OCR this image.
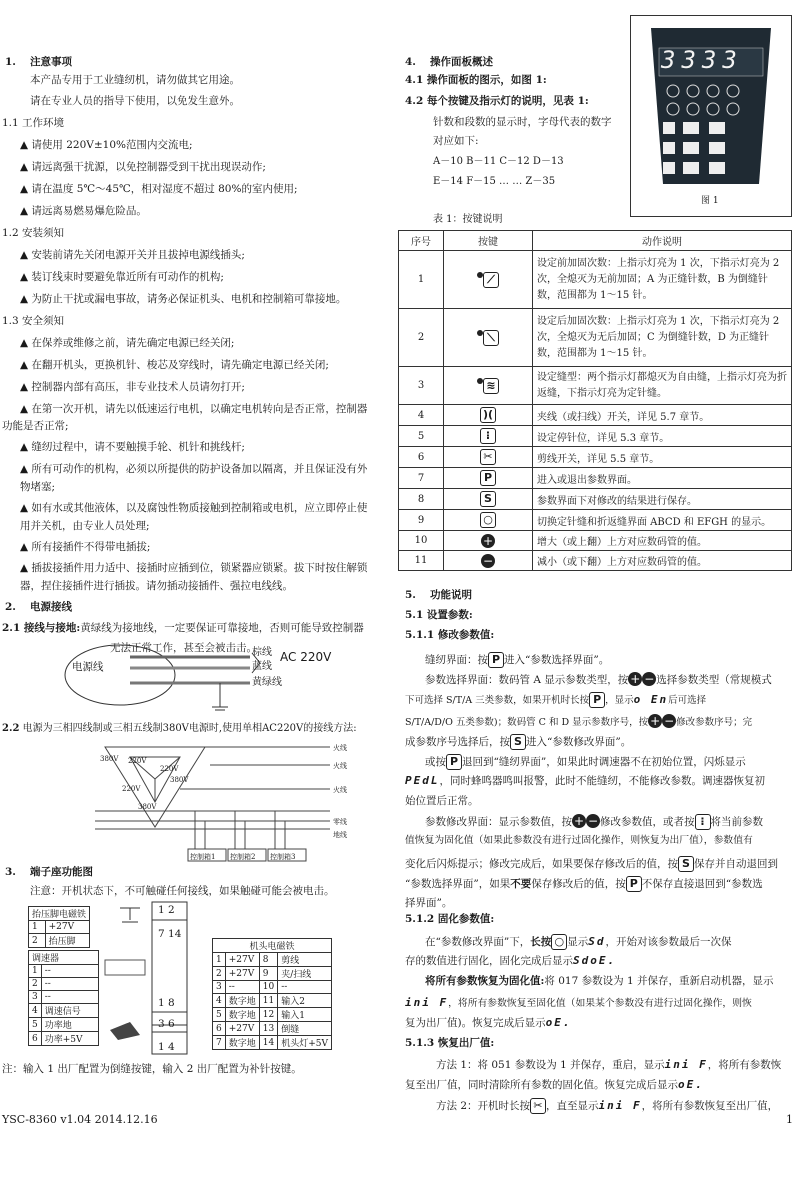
1. 注意事项
本产品专用于工业缝纫机，请勿做其它用途。
请在专业人员的指导下使用，以免发生意外。
1.1 工作环境
▲ 请使用 220V±10%范围内交流电;
▲ 请远离强干扰源，以免控制器受到干扰出现误动作;
▲ 请在温度 5℃～45℃，相对湿度不超过 80%的室内使用;
▲ 请远离易燃易爆危险品。
1.2 安装须知
▲ 安装前请先关闭电源开关并且拔掉电源线插头;
▲ 装订线束时要避免靠近所有可动作的机构;
▲ 为防止干扰或漏电事故，请务必保证机头、电机和控制箱可靠接地。
1.3 安全须知
▲ 在保养或维修之前，请先确定电源已经关闭;
▲ 在翻开机头，更换机针、梭芯及穿线时，请先确定电源已经关闭;
▲ 控制器内部有高压，非专业技术人员请勿打开;
▲ 在第一次开机，请先以低速运行电机，以确定电机转向是否正常，控制器
功能是否正常;
▲ 缝纫过程中，请不要触摸手轮、机针和挑线杆;
▲ 所有可动作的机构，必须以所提供的防护设备加以隔离，并且保证没有外
物堵塞;
▲ 如有水或其他液体，以及腐蚀性物质接触到控制箱或电机，应立即停止使
用并关机，由专业人员处理;
▲ 所有接插件不得带电插拔;
▲ 插拔接插件用力适中、接插时应插到位，锁紧器应锁紧。拔下时按住解锁
器，捏住接插件进行插拔。请勿插动接插件、强拉电线线。
2. 电源接线
2.1 接线与接地:黄绿线为接地线，一定要保证可靠接地，否则可能导致控制器
无法正常工作，甚至会被击击。
电源线
棕线
蓝线
黄绿线
AC 220V
2.2 电源为三相四线制或三相五线制380V电源时,使用单相AC220V的接线方法:
380V 220V
220V
380V
380V
220V
火线
火线
火线
零线
地线
控制箱1 控制箱2 控制箱3
3. 端子座功能图
注意：开机状态下，不可触碰任何接线，如果触碰可能会被电击。
抬压脚电磁铁	
1	+27V
2	抬压脚
调速器	
1	--
2	--
3	--
4	调速信号
5	功率地
6	功率+5V
1 2
7 14
1 8
3 6
1 4
机头电磁铁			
1	+27V	8	剪线
2	+27V	9	夹/扫线
3	--	10	--
4	数字地	11	输入2
5	数字地	12	输入1
6	+27V	13	倒缝
7	数字地	14	机头灯+5V
注：输入 1 出厂配置为倒缝按键，输入 2 出厂配置为补针按键。
4. 操作面板概述
4.1 操作面板的图示，如图 1:
4.2 每个按键及指示灯的说明，见表 1:
针数和段数的显示时，字母代表的数字
对应如下:
A－10 B－11 C－12 D－13
E－14 F－15 … … Z－35
3333
图 1
表 1：按键说明
序号	按键	动作说明
1	⟋	设定前加固次数：上指示灯亮为 1 次，下指示灯亮为 2 次，全熄灭为无前加固；A 为正缝针数，B 为倒缝针数，范围都为 1～15 针。
2	⟍	设定后加固次数：上指示灯亮为 1 次，下指示灯亮为 2 次，全熄灭为无后加固；C 为倒缝针数，D 为正缝针数，范围都为 1～15 针。
3	≋	设定缝型：两个指示灯都熄灭为自由缝，上指示灯亮为折返缝，下指示灯亮为定针缝。
4	)(	夹线（或扫线）开关，详见 5.7 章节。
5	⁝	设定停针位，详见 5.3 章节。
6	✂	剪线开关，详见 5.5 章节。
7	P	进入或退出参数界面。
8	S	参数界面下对修改的结果进行保存。
9	○	切换定针缝和折返缝界面 ABCD 和 EFGH 的显示。
10	+	增大（或上翻）上方对应数码管的值。
11	−	减小（或下翻）上方对应数码管的值。
5. 功能说明
5.1 设置参数:
5.1.1 修改参数值:
缝纫界面：按 P 进入“参数选择界面”。
参数选择界面：数码管 A 显示参数类型，按 + − 选择参数类型（常规模式
下可选择 S/T/A 三类参数，如果开机时长按 P ，显示o En后可选择
S/T/A/D/O 五类参数)；数码管 C 和 D 显示参数序号，按 + − 修改参数序号；完
成参数序号选择后，按 S 进入“参数修改界面”。
或按 P 退回到“缝纫界面”，如果此时调速器不在初始位置，闪烁显示
PEdL，同时蜂鸣器鸣叫报警，此时不能缝纫，不能修改参数。调速器恢复初
始位置后正常。
参数修改界面：显示参数值，按 + − 修改参数值，或者按 ⁝ 将当前参数
值恢复为固化值（如果此参数没有进行过固化操作，则恢复为出厂值），参数值有
变化后闪烁提示；修改完成后，如果要保存修改后的值，按 S 保存并自动退回到
“参数选择界面”，如果不要保存修改后的值，按 P 不保存直接退回到“参数选
择界面”。
5.1.2 固化参数值:
在“参数修改界面”下，长按 ○ 显示Sd，开始对该参数最后一次保
存的数值进行固化，固化完成后显示SdoE.
将所有参数恢复为固化值:将 017 参数设为 1 并保存，重新启动机器，显示
ini F，将所有参数恢复至固化值（如果某个参数没有进行过固化操作，则恢
复为出厂值)。恢复完成后显示oE.
5.1.3 恢复出厂值:
方法 1：将 051 参数设为 1 并保存，重启，显示ini F，将所有参数恢
复至出厂值，同时清除所有参数的固化值。恢复完成后显示oE.
方法 2：开机时长按 ✂ ，直至显示ini F，将所有参数恢复至出厂值，
YSC-8360 v1.04 2014.12.16	1
